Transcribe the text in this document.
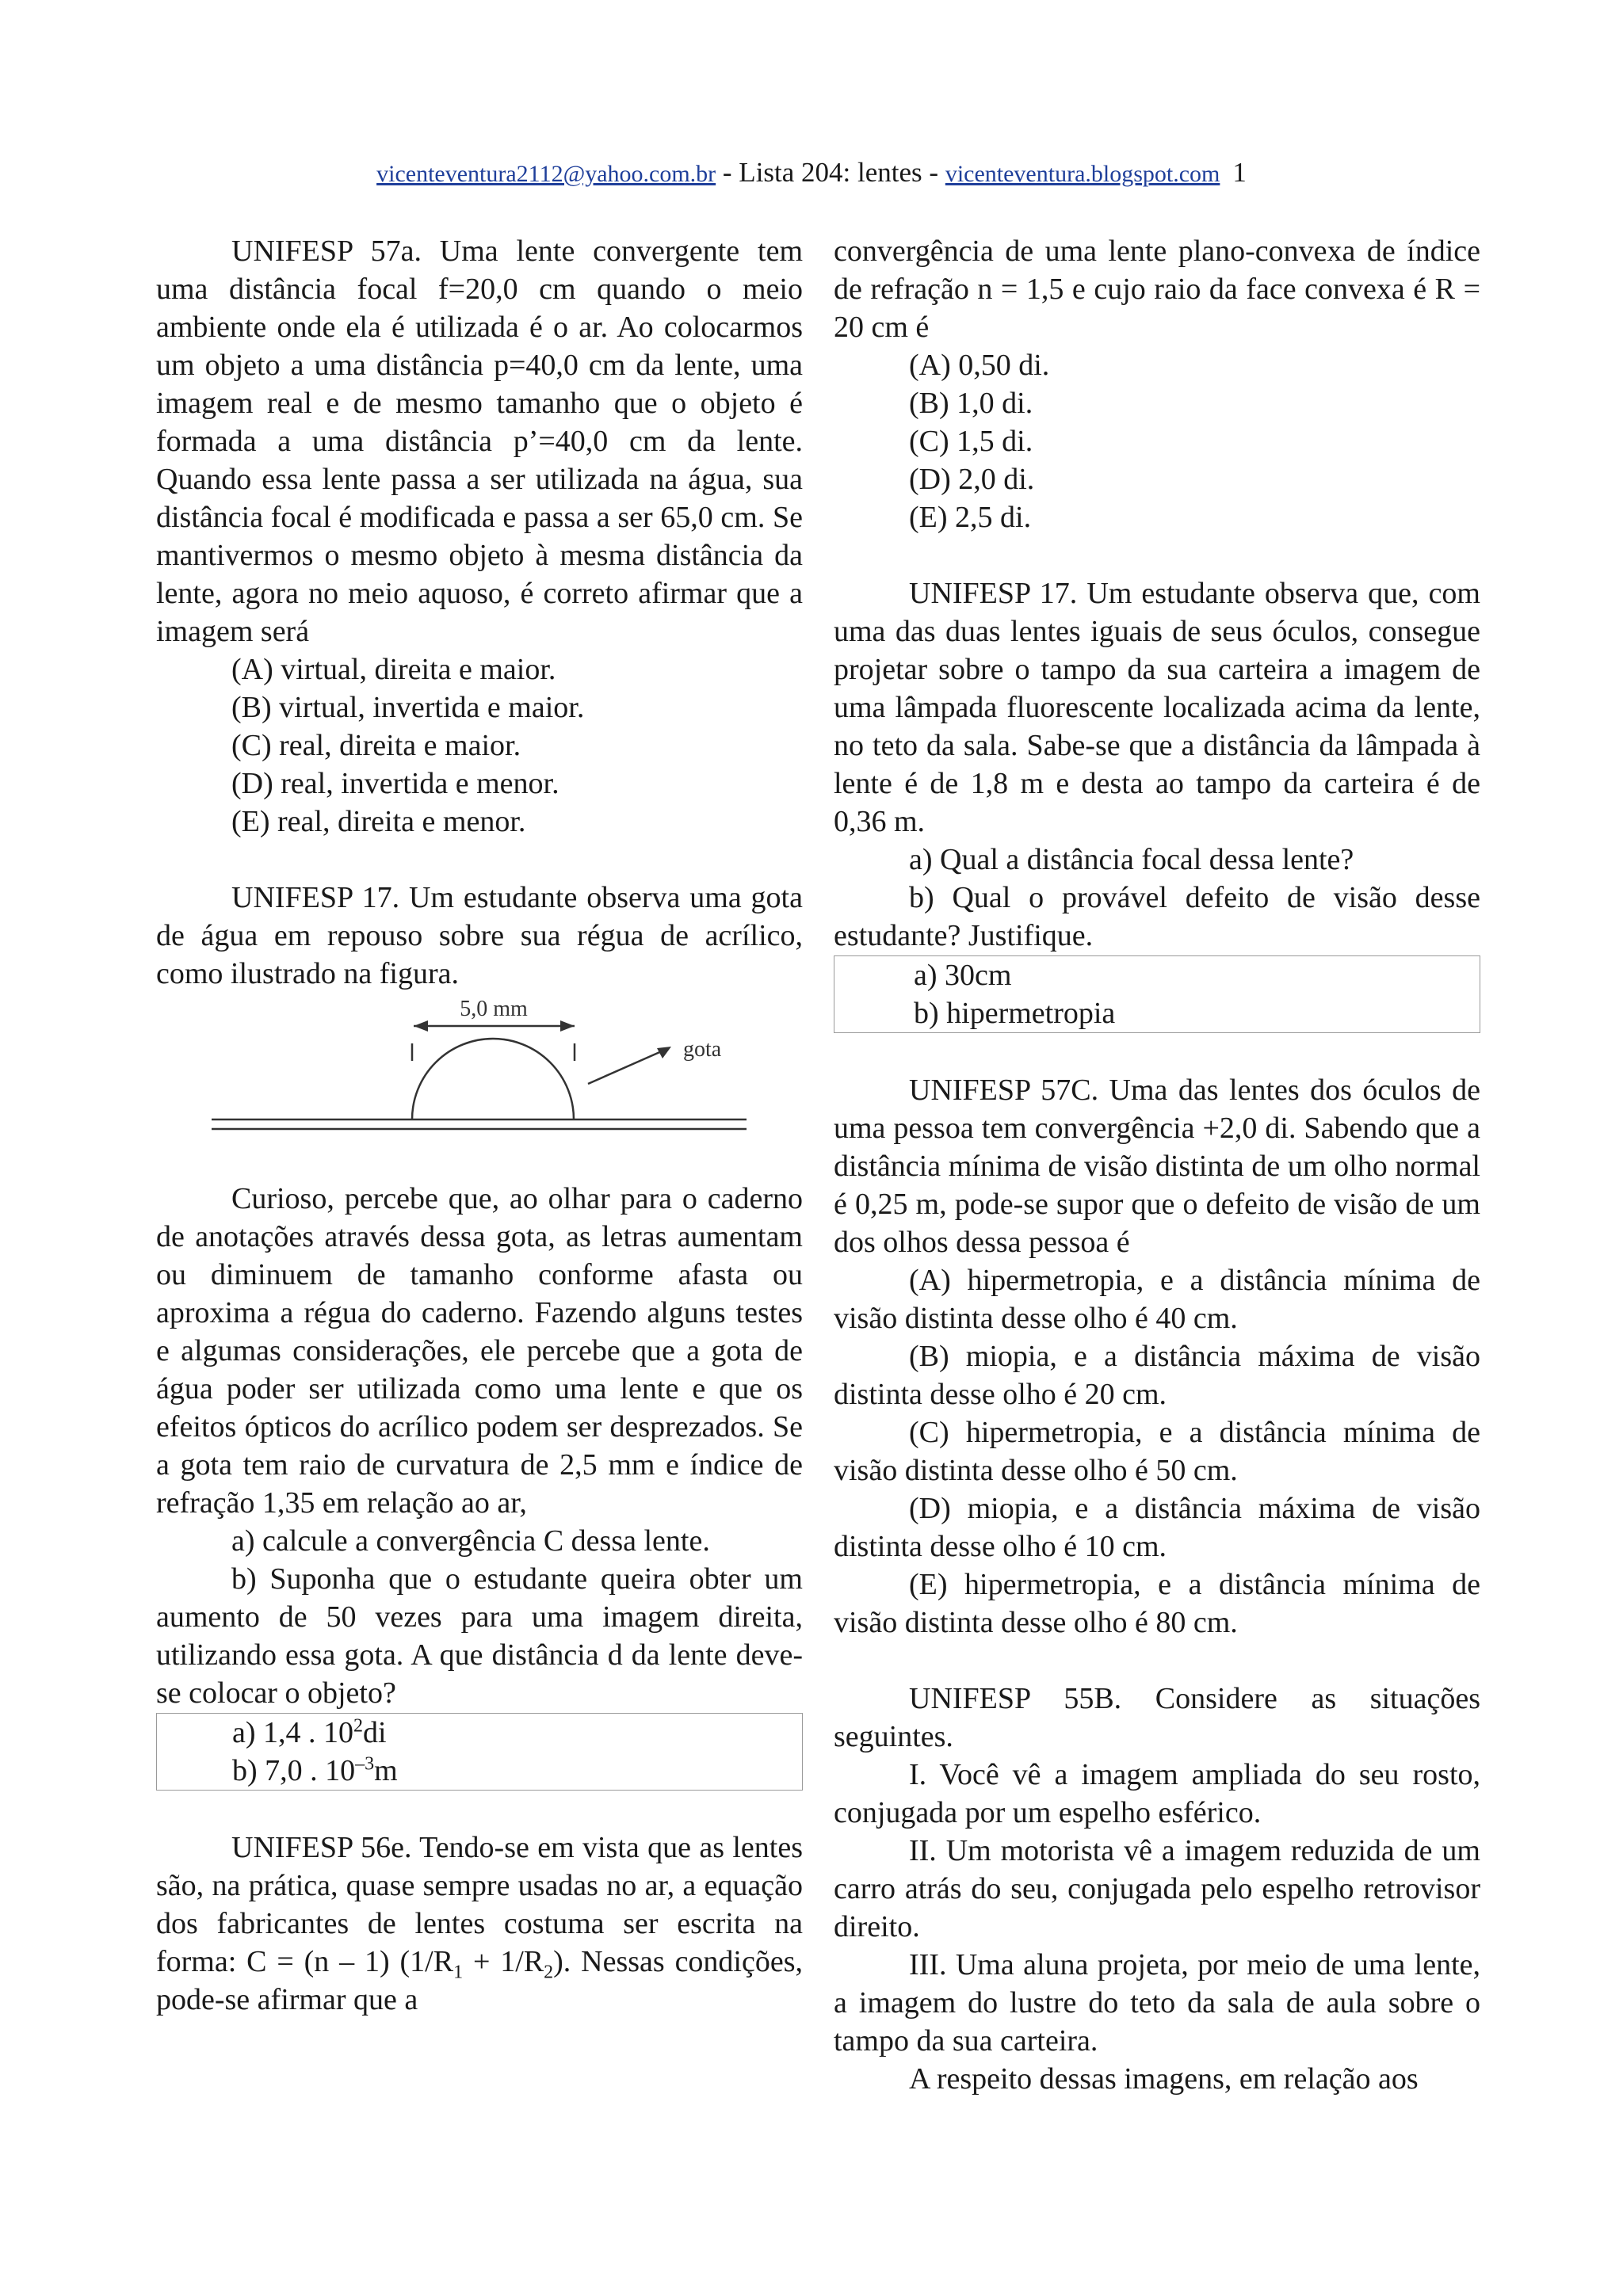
vicenteventura2112@yahoo.com.br - Lista 204: lentes - vicenteventura.blogspot.com 1

UNIFESP 57a. Uma lente convergente tem uma distância focal f=20,0 cm quando o meio ambiente onde ela é utilizada é o ar. Ao colocarmos um objeto a uma distância p=40,0 cm da lente, uma imagem real e de mesmo tamanho que o objeto é formada a uma distância p’=40,0 cm da lente. Quando essa lente passa a ser utilizada na água, sua distância focal é modificada e passa a ser 65,0 cm. Se mantivermos o mesmo objeto à mesma distância da lente, agora no meio aquoso, é correto afirmar que a imagem será

(A) virtual, direita e maior.

(B) virtual, invertida e maior.

(C) real, direita e maior.

(D) real, invertida e menor.

(E) real, direita e menor.

UNIFESP 17. Um estudante observa uma gota de água em repouso sobre sua régua de acrílico, como ilustrado na figura.

5,0 mm
gota

Curioso, percebe que, ao olhar para o caderno de anotações através dessa gota, as letras aumentam ou diminuem de tamanho conforme afasta ou aproxima a régua do caderno. Fazendo alguns testes e algumas considerações, ele percebe que a gota de água poder ser utilizada como uma lente e que os efeitos ópticos do acrílico podem ser desprezados. Se a gota tem raio de curvatura de 2,5 mm e índice de refração 1,35 em relação ao ar,

a) calcule a convergência C dessa lente.

b) Suponha que o estudante queira obter um aumento de 50 vezes para uma imagem direita, utilizando essa gota. A que distância d da lente deve-se colocar o objeto?

a) 1,4 . $10^2di$

b) 7,0 . $10^{-3}m$

UNIFESP 56e. Tendo-se em vista que as lentes são, na prática, quase sempre usadas no ar, a equação dos fabricantes de lentes costuma ser escrita na forma: C = (n – 1) $(1/R_1 + 1/R_2)$. Nessas condições, pode-se afirmar que a

convergência de uma lente plano-convexa de índice de refração n = 1,5 e cujo raio da face convexa é R = 20 cm é

(A) 0,50 di.

(B) 1,0 di.

(C) 1,5 di.

(D) 2,0 di.

(E) 2,5 di.

UNIFESP 17. Um estudante observa que, com uma das duas lentes iguais de seus óculos, consegue projetar sobre o tampo da sua carteira a imagem de uma lâmpada fluorescente localizada acima da lente, no teto da sala. Sabe-se que a distância da lâmpada à lente é de 1,8 m e desta ao tampo da carteira é de 0,36 m.

a) Qual a distância focal dessa lente?

b) Qual o provável defeito de visão desse estudante? Justifique.

a) 30cm

b) hipermetropia

UNIFESP 57C. Uma das lentes dos óculos de uma pessoa tem convergência +2,0 di. Sabendo que a distância mínima de visão distinta de um olho normal é 0,25 m, pode-se supor que o defeito de visão de um dos olhos dessa pessoa é

(A) hipermetropia, e a distância mínima de visão distinta desse olho é 40 cm.

(B) miopia, e a distância máxima de visão distinta desse olho é 20 cm.

(C) hipermetropia, e a distância mínima de visão distinta desse olho é 50 cm.

(D) miopia, e a distância máxima de visão distinta desse olho é 10 cm.

(E) hipermetropia, e a distância mínima de visão distinta desse olho é 80 cm.

UNIFESP 55B. Considere as situações seguintes.

I. Você vê a imagem ampliada do seu rosto, conjugada por um espelho esférico.

II. Um motorista vê a imagem reduzida de um carro atrás do seu, conjugada pelo espelho retrovisor direito.

III. Uma aluna projeta, por meio de uma lente, a imagem do lustre do teto da sala de aula sobre o tampo da sua carteira.

A respeito dessas imagens, em relação aos
